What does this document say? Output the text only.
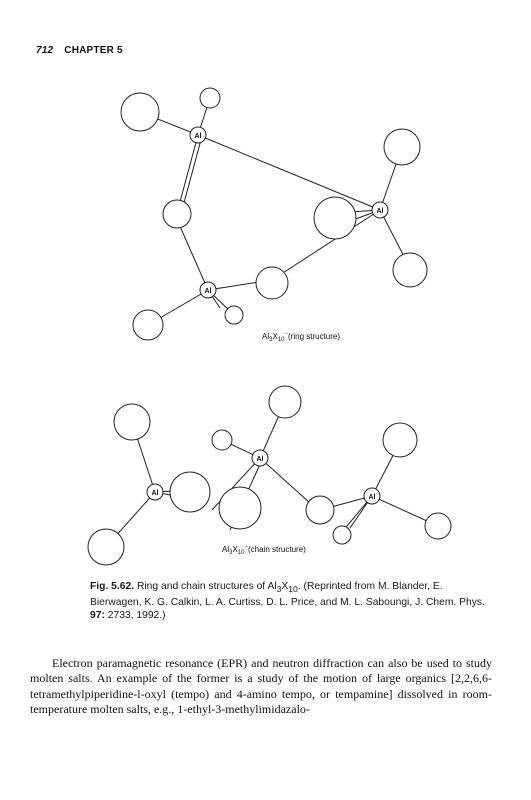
712 CHAPTER 5
Al
Al
Al
$Al_3X_{10}^-(ring$ structure)
Al
Al
Al
$Al_3X_{10}^-(chain$ structure)
Fig. 5.62. Ring and chain structures of $Al_3X_{10}$. (Reprinted from M. Blander, E. Bierwagen, K. G. Calkin, L. A. Curtiss, D. L. Price, and M. L. Saboungi, J. Chem. Phys. 97: 2733, 1992.)

Electron paramagnetic resonance (EPR) and neutron diffraction can also be used to study molten salts. An example of the former is a study of the motion of large organics [2,2,6,6-tetramethylpiperidine-l-oxyl (tempo) and 4-amino tempo, or tempamine] dissolved in room-temperature molten salts, e.g., 1-ethyl-3-methylimidazalo-
